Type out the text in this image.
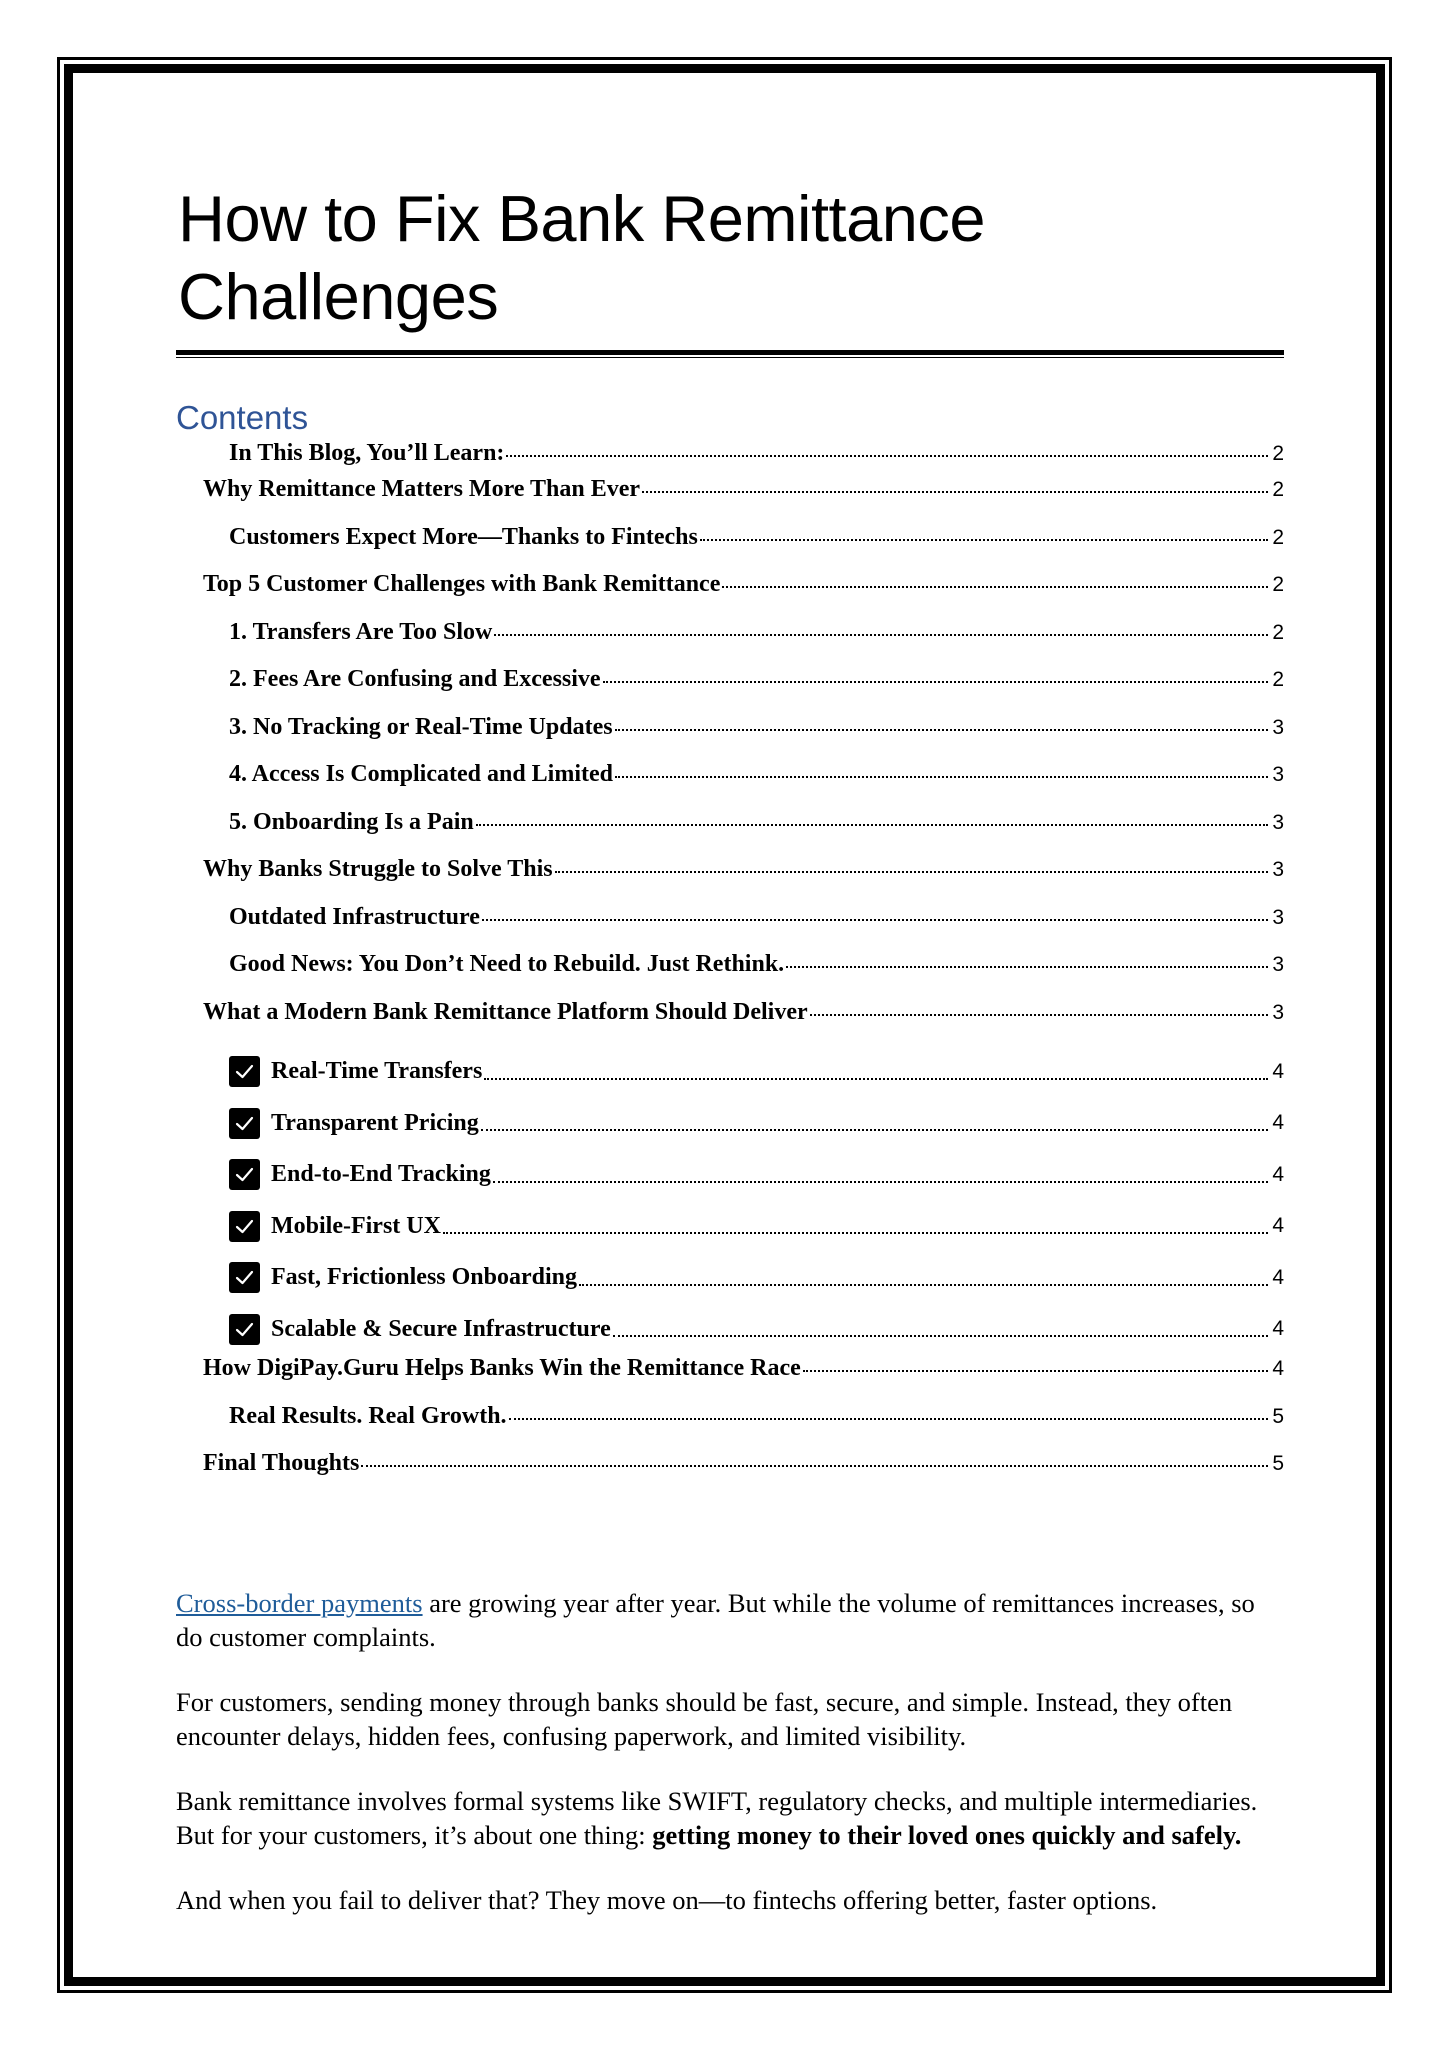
How to Fix Bank Remittance Challenges
Contents
In This Blog, You’ll Learn:	2
Why Remittance Matters More Than Ever	2
Customers Expect More—Thanks to Fintechs	2
Top 5 Customer Challenges with Bank Remittance	2
1. Transfers Are Too Slow	2
2. Fees Are Confusing and Excessive	2
3. No Tracking or Real-Time Updates	3
4. Access Is Complicated and Limited	3
5. Onboarding Is a Pain	3
Why Banks Struggle to Solve This	3
Outdated Infrastructure	3
Good News: You Don’t Need to Rebuild. Just Rethink.	3
What a Modern Bank Remittance Platform Should Deliver	3
Real-Time Transfers	4
Transparent Pricing	4
End-to-End Tracking	4
Mobile-First UX	4
Fast, Frictionless Onboarding	4
Scalable & Secure Infrastructure	4
How DigiPay.Guru Helps Banks Win the Remittance Race	4
Real Results. Real Growth.	5
Final Thoughts	5

Cross-border payments are growing year after year. But while the volume of remittances increases, so do customer complaints.

For customers, sending money through banks should be fast, secure, and simple. Instead, they often encounter delays, hidden fees, confusing paperwork, and limited visibility.

Bank remittance involves formal systems like SWIFT, regulatory checks, and multiple intermediaries. But for your customers, it’s about one thing: getting money to their loved ones quickly and safely.

And when you fail to deliver that? They move on—to fintechs offering better, faster options.
